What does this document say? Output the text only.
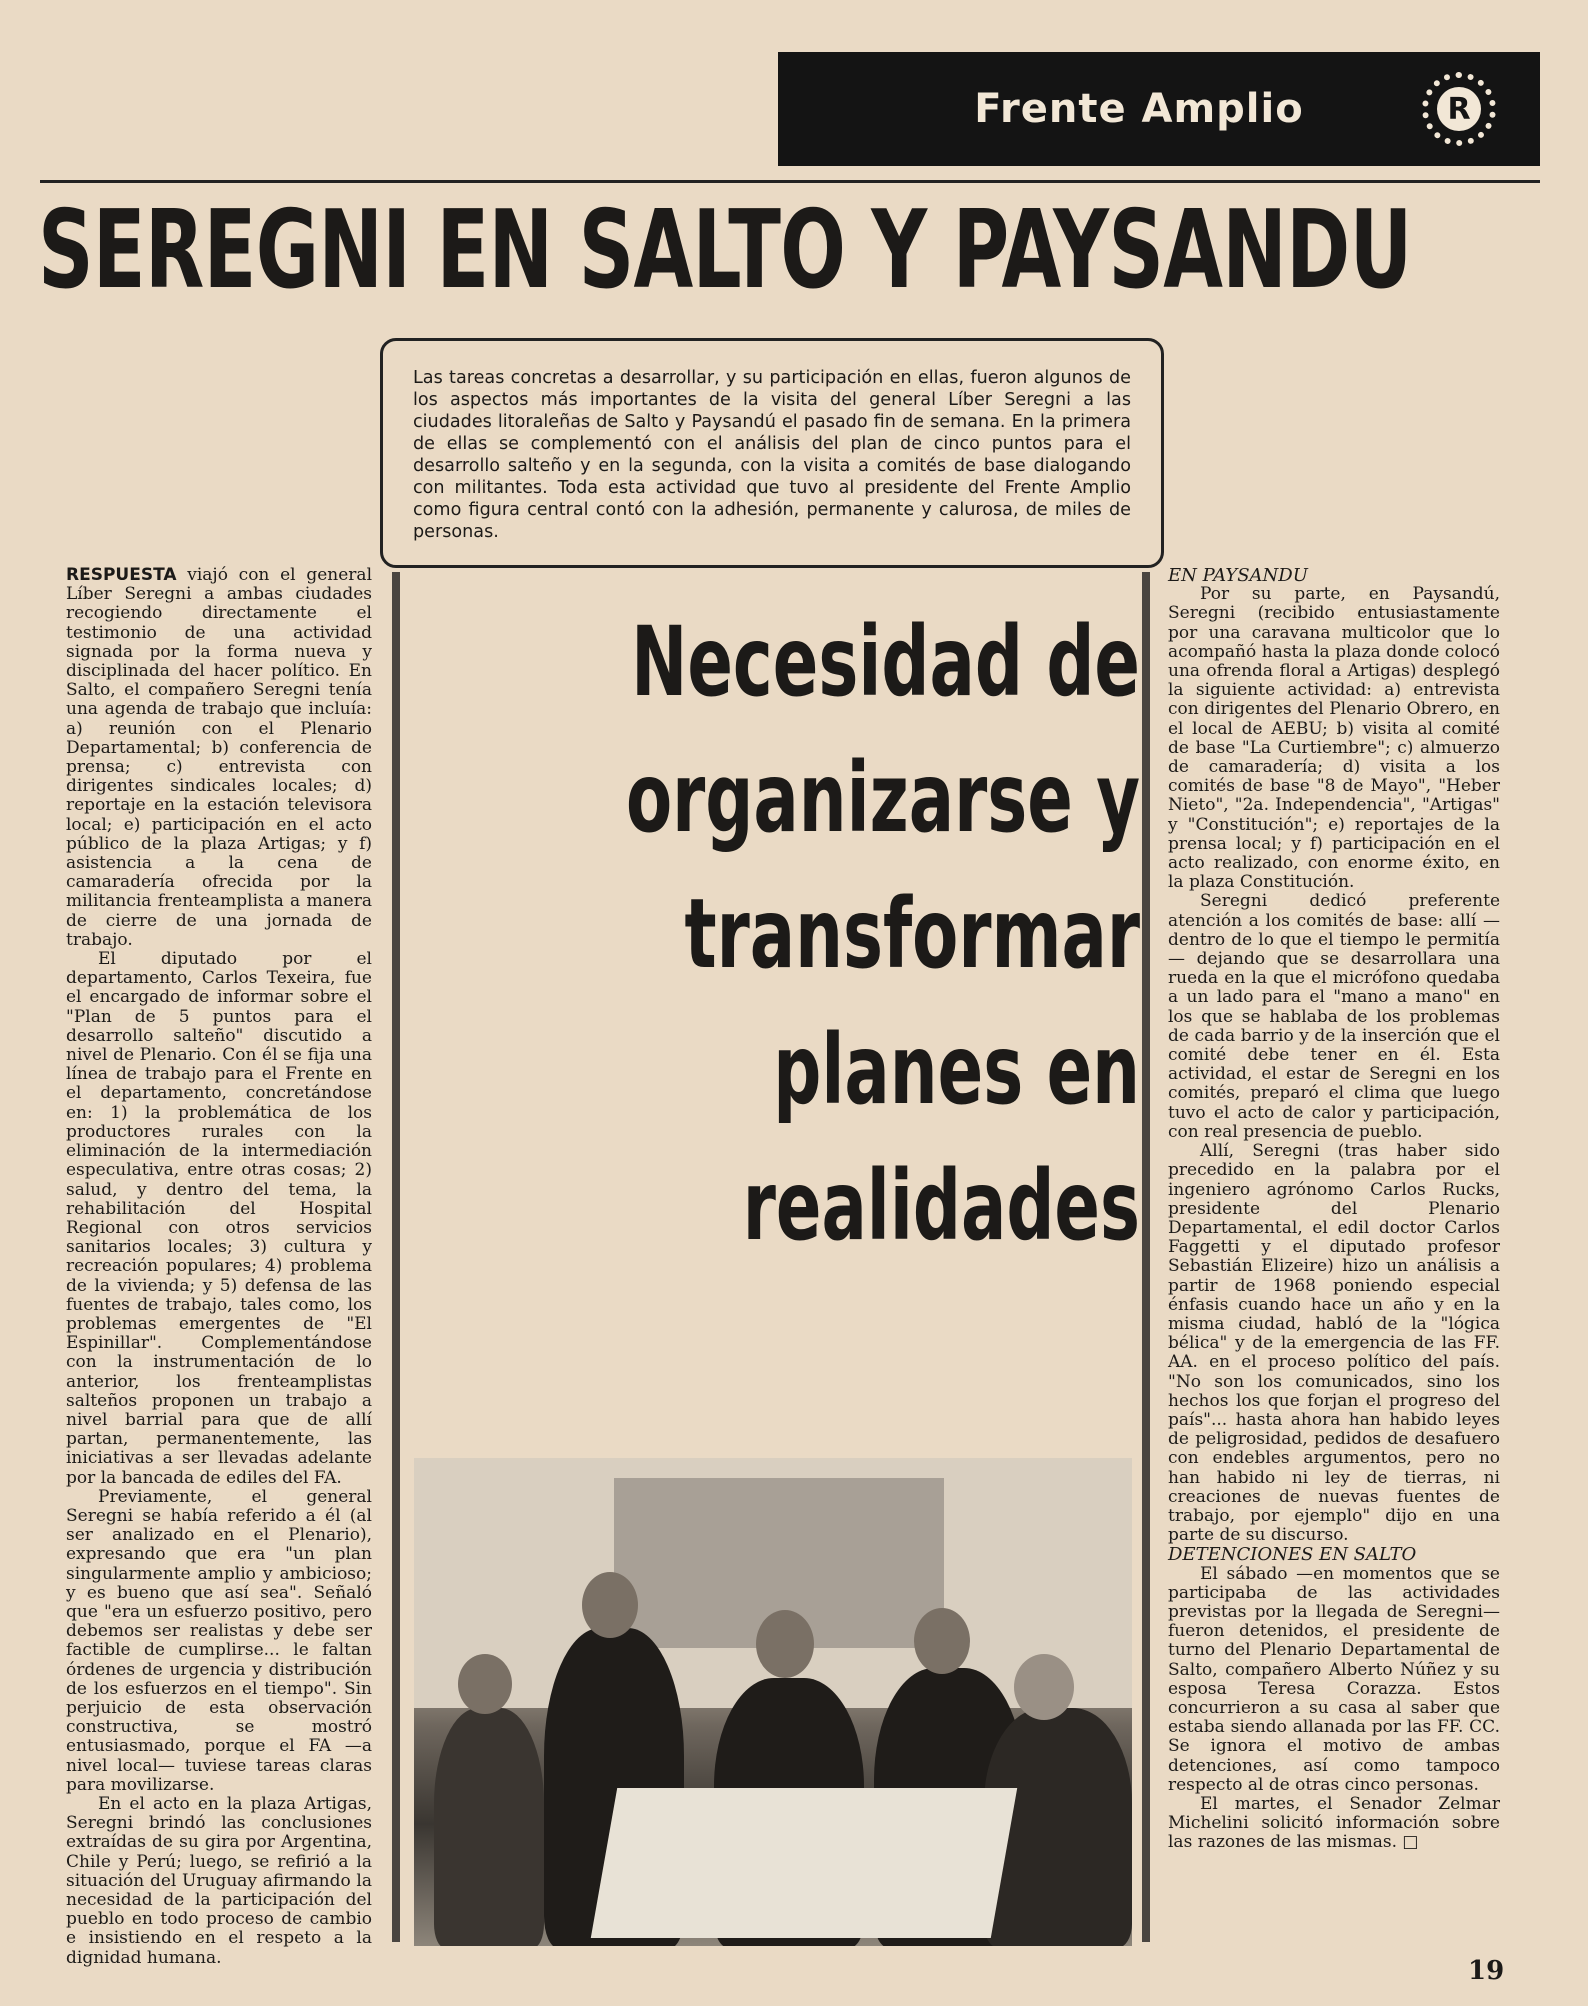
Frente Amplio	R
SEREGNI EN SALTO Y PAYSANDU
Las tareas concretas a desarrollar, y su participación en ellas, fueron algunos de los aspectos más importantes de la visita del general Líber Seregni a las ciudades litoraleñas de Salto y Paysandú el pasado fin de semana. En la primera de ellas se complementó con el análisis del plan de cinco puntos para el desarrollo salteño y en la segunda, con la visita a comités de base dialogando con militantes. Toda esta actividad que tuvo al presidente del Frente Amplio como figura central contó con la adhesión, permanente y calurosa, de miles de personas.

RESPUESTA viajó con el general Líber Seregni a ambas ciudades recogiendo directamente el testimonio de una actividad signada por la forma nueva y disciplinada del hacer político. En Salto, el compañero Seregni tenía una agenda de trabajo que incluía: a) reunión con el Plenario Departamental; b) conferencia de prensa; c) entrevista con dirigentes sindicales locales; d) reportaje en la estación televisora local; e) participación en el acto público de la plaza Artigas; y f) asistencia a la cena de camaradería ofrecida por la militancia frenteamplista a manera de cierre de una jornada de trabajo.

El diputado por el departamento, Carlos Texeira, fue el encargado de informar sobre el "Plan de 5 puntos para el desarrollo salteño" discutido a nivel de Plenario. Con él se fija una línea de trabajo para el Frente en el departamento, concretándose en: 1) la problemática de los productores rurales con la eliminación de la intermediación especulativa, entre otras cosas; 2) salud, y dentro del tema, la rehabilitación del Hospital Regional con otros servicios sanitarios locales; 3) cultura y recreación populares; 4) problema de la vivienda; y 5) defensa de las fuentes de trabajo, tales como, los problemas emergentes de "El Espinillar". Complementándose con la instrumentación de lo anterior, los frenteamplistas salteños proponen un trabajo a nivel barrial para que de allí partan, permanentemente, las iniciativas a ser llevadas adelante por la bancada de ediles del FA.

Previamente, el general Seregni se había referido a él (al ser analizado en el Plenario), expresando que era "un plan singularmente amplio y ambicioso; y es bueno que así sea". Señaló que "era un esfuerzo positivo, pero debemos ser realistas y debe ser factible de cumplirse... le faltan órdenes de urgencia y distribución de los esfuerzos en el tiempo". Sin perjuicio de esta observación constructiva, se mostró entusiasmado, porque el FA —a nivel local— tuviese tareas claras para movilizarse.

En el acto en la plaza Artigas, Seregni brindó las conclusiones extraídas de su gira por Argentina, Chile y Perú; luego, se refirió a la situación del Uruguay afirmando la necesidad de la participación del pueblo en todo proceso de cambio e insistiendo en el respeto a la dignidad humana.

Necesidad de
organizarse y
transformar
planes en
realidades

EN PAYSANDU

Por su parte, en Paysandú, Seregni (recibido entusiastamente por una caravana multicolor que lo acompañó hasta la plaza donde colocó una ofrenda floral a Artigas) desplegó la siguiente actividad: a) entrevista con dirigentes del Plenario Obrero, en el local de AEBU; b) visita al comité de base "La Curtiembre"; c) almuerzo de camaradería; d) visita a los comités de base "8 de Mayo", "Heber Nieto", "2a. Independencia", "Artigas" y "Constitución"; e) reportajes de la prensa local; y f) participación en el acto realizado, con enorme éxito, en la plaza Constitución.

Seregni dedicó preferente atención a los comités de base: allí —dentro de lo que el tiempo le permitía— dejando que se desarrollara una rueda en la que el micrófono quedaba a un lado para el "mano a mano" en los que se hablaba de los problemas de cada barrio y de la inserción que el comité debe tener en él. Esta actividad, el estar de Seregni en los comités, preparó el clima que luego tuvo el acto de calor y participación, con real presencia de pueblo.

Allí, Seregni (tras haber sido precedido en la palabra por el ingeniero agrónomo Carlos Rucks, presidente del Plenario Departamental, el edil doctor Carlos Faggetti y el diputado profesor Sebastián Elizeire) hizo un análisis a partir de 1968 poniendo especial énfasis cuando hace un año y en la misma ciudad, habló de la "lógica bélica" y de la emergencia de las FF. AA. en el proceso político del país. "No son los comunicados, sino los hechos los que forjan el progreso del país"... hasta ahora han habido leyes de peligrosidad, pedidos de desafuero con endebles argumentos, pero no han habido ni ley de tierras, ni creaciones de nuevas fuentes de trabajo, por ejemplo" dijo en una parte de su discurso.

DETENCIONES EN SALTO

El sábado —en momentos que se participaba de las actividades previstas por la llegada de Seregni— fueron detenidos, el presidente de turno del Plenario Departamental de Salto, compañero Alberto Núñez y su esposa Teresa Corazza. Estos concurrieron a su casa al saber que estaba siendo allanada por las FF. CC. Se ignora el motivo de ambas detenciones, así como tampoco respecto al de otras cinco personas.

El martes, el Senador Zelmar Michelini solicitó información sobre las razones de las mismas. □

19
